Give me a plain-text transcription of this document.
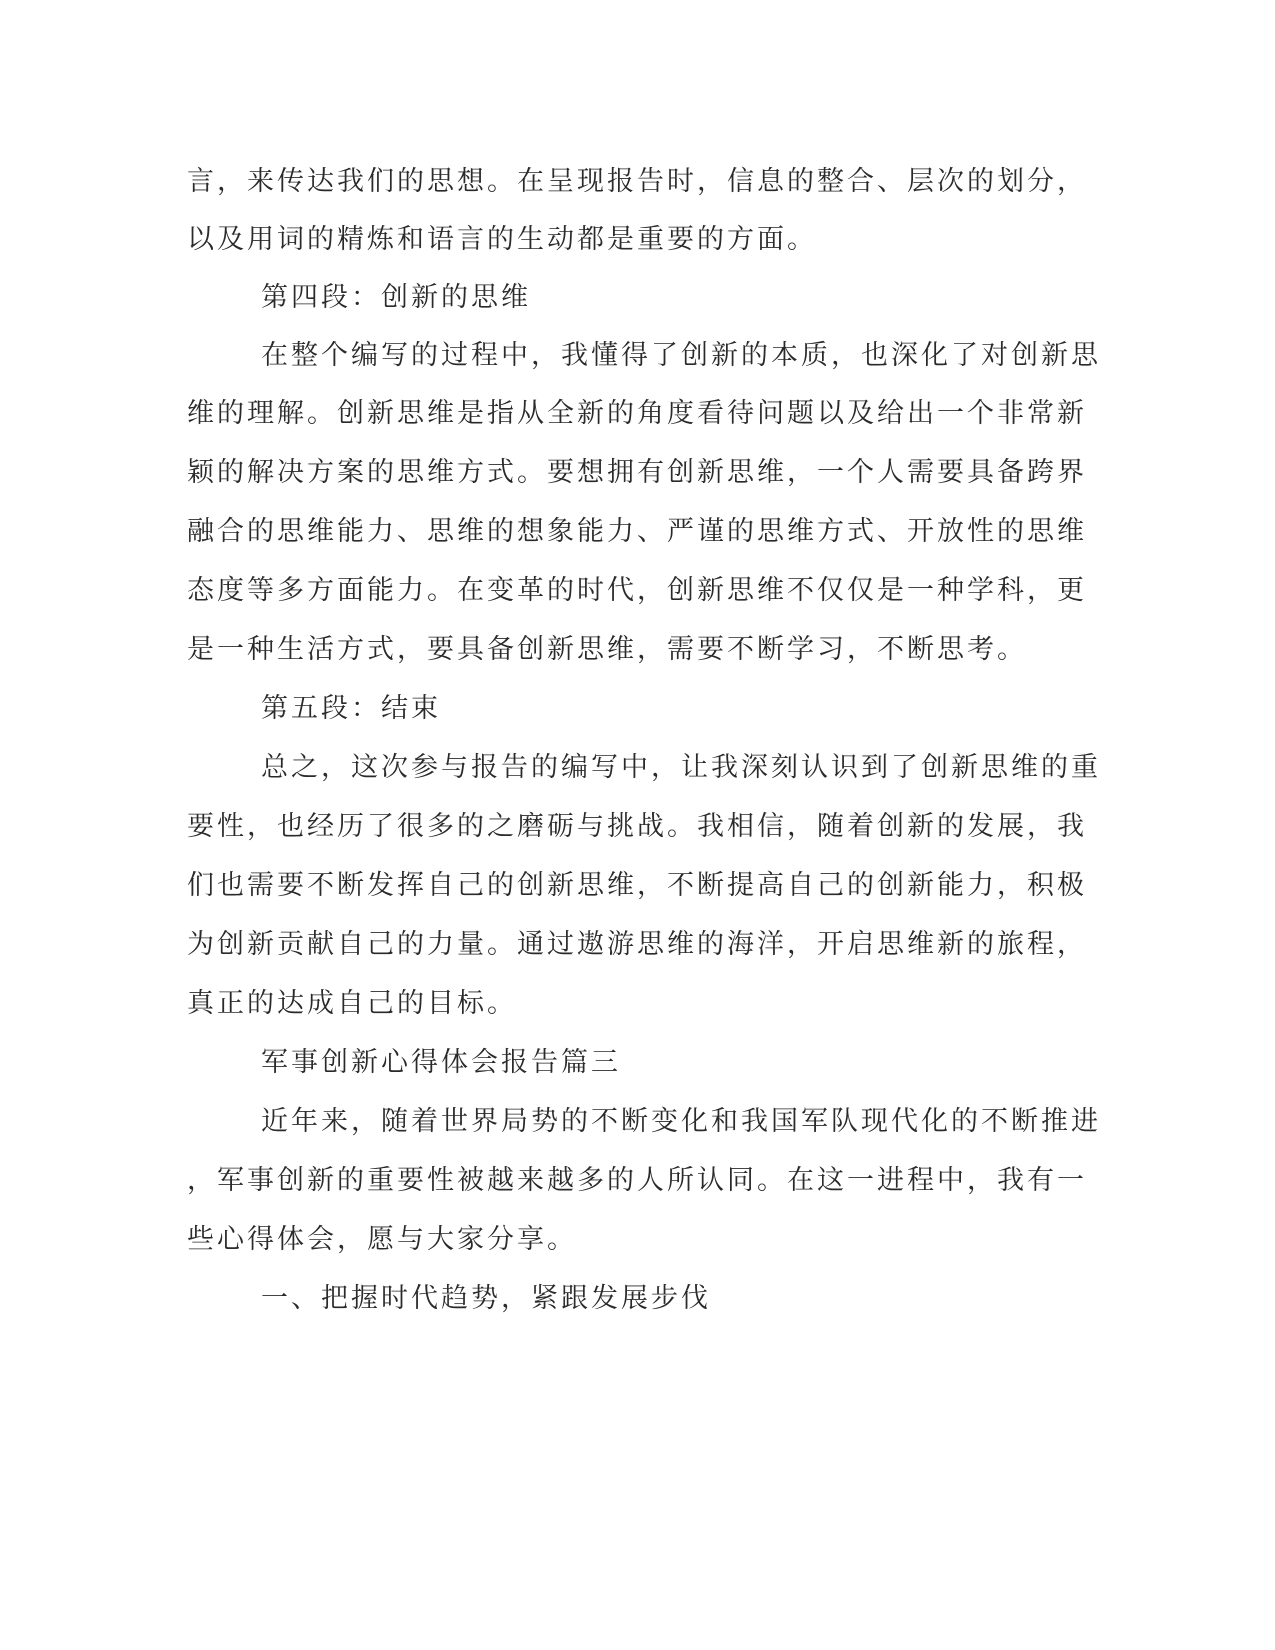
言，来传达我们的思想。在呈现报告时，信息的整合、层次的划分，
以及用词的精炼和语言的生动都是重要的方面。
第四段：创新的思维
在整个编写的过程中，我懂得了创新的本质，也深化了对创新思
维的理解。创新思维是指从全新的角度看待问题以及给出一个非常新
颖的解决方案的思维方式。要想拥有创新思维，一个人需要具备跨界
融合的思维能力、思维的想象能力、严谨的思维方式、开放性的思维
态度等多方面能力。在变革的时代，创新思维不仅仅是一种学科，更
是一种生活方式，要具备创新思维，需要不断学习，不断思考。
第五段：结束
总之，这次参与报告的编写中，让我深刻认识到了创新思维的重
要性，也经历了很多的之磨砺与挑战。我相信，随着创新的发展，我
们也需要不断发挥自己的创新思维，不断提高自己的创新能力，积极
为创新贡献自己的力量。通过遨游思维的海洋，开启思维新的旅程，
真正的达成自己的目标。
军事创新心得体会报告篇三
近年来，随着世界局势的不断变化和我国军队现代化的不断推进
，军事创新的重要性被越来越多的人所认同。在这一进程中，我有一
些心得体会，愿与大家分享。
一、把握时代趋势，紧跟发展步伐
